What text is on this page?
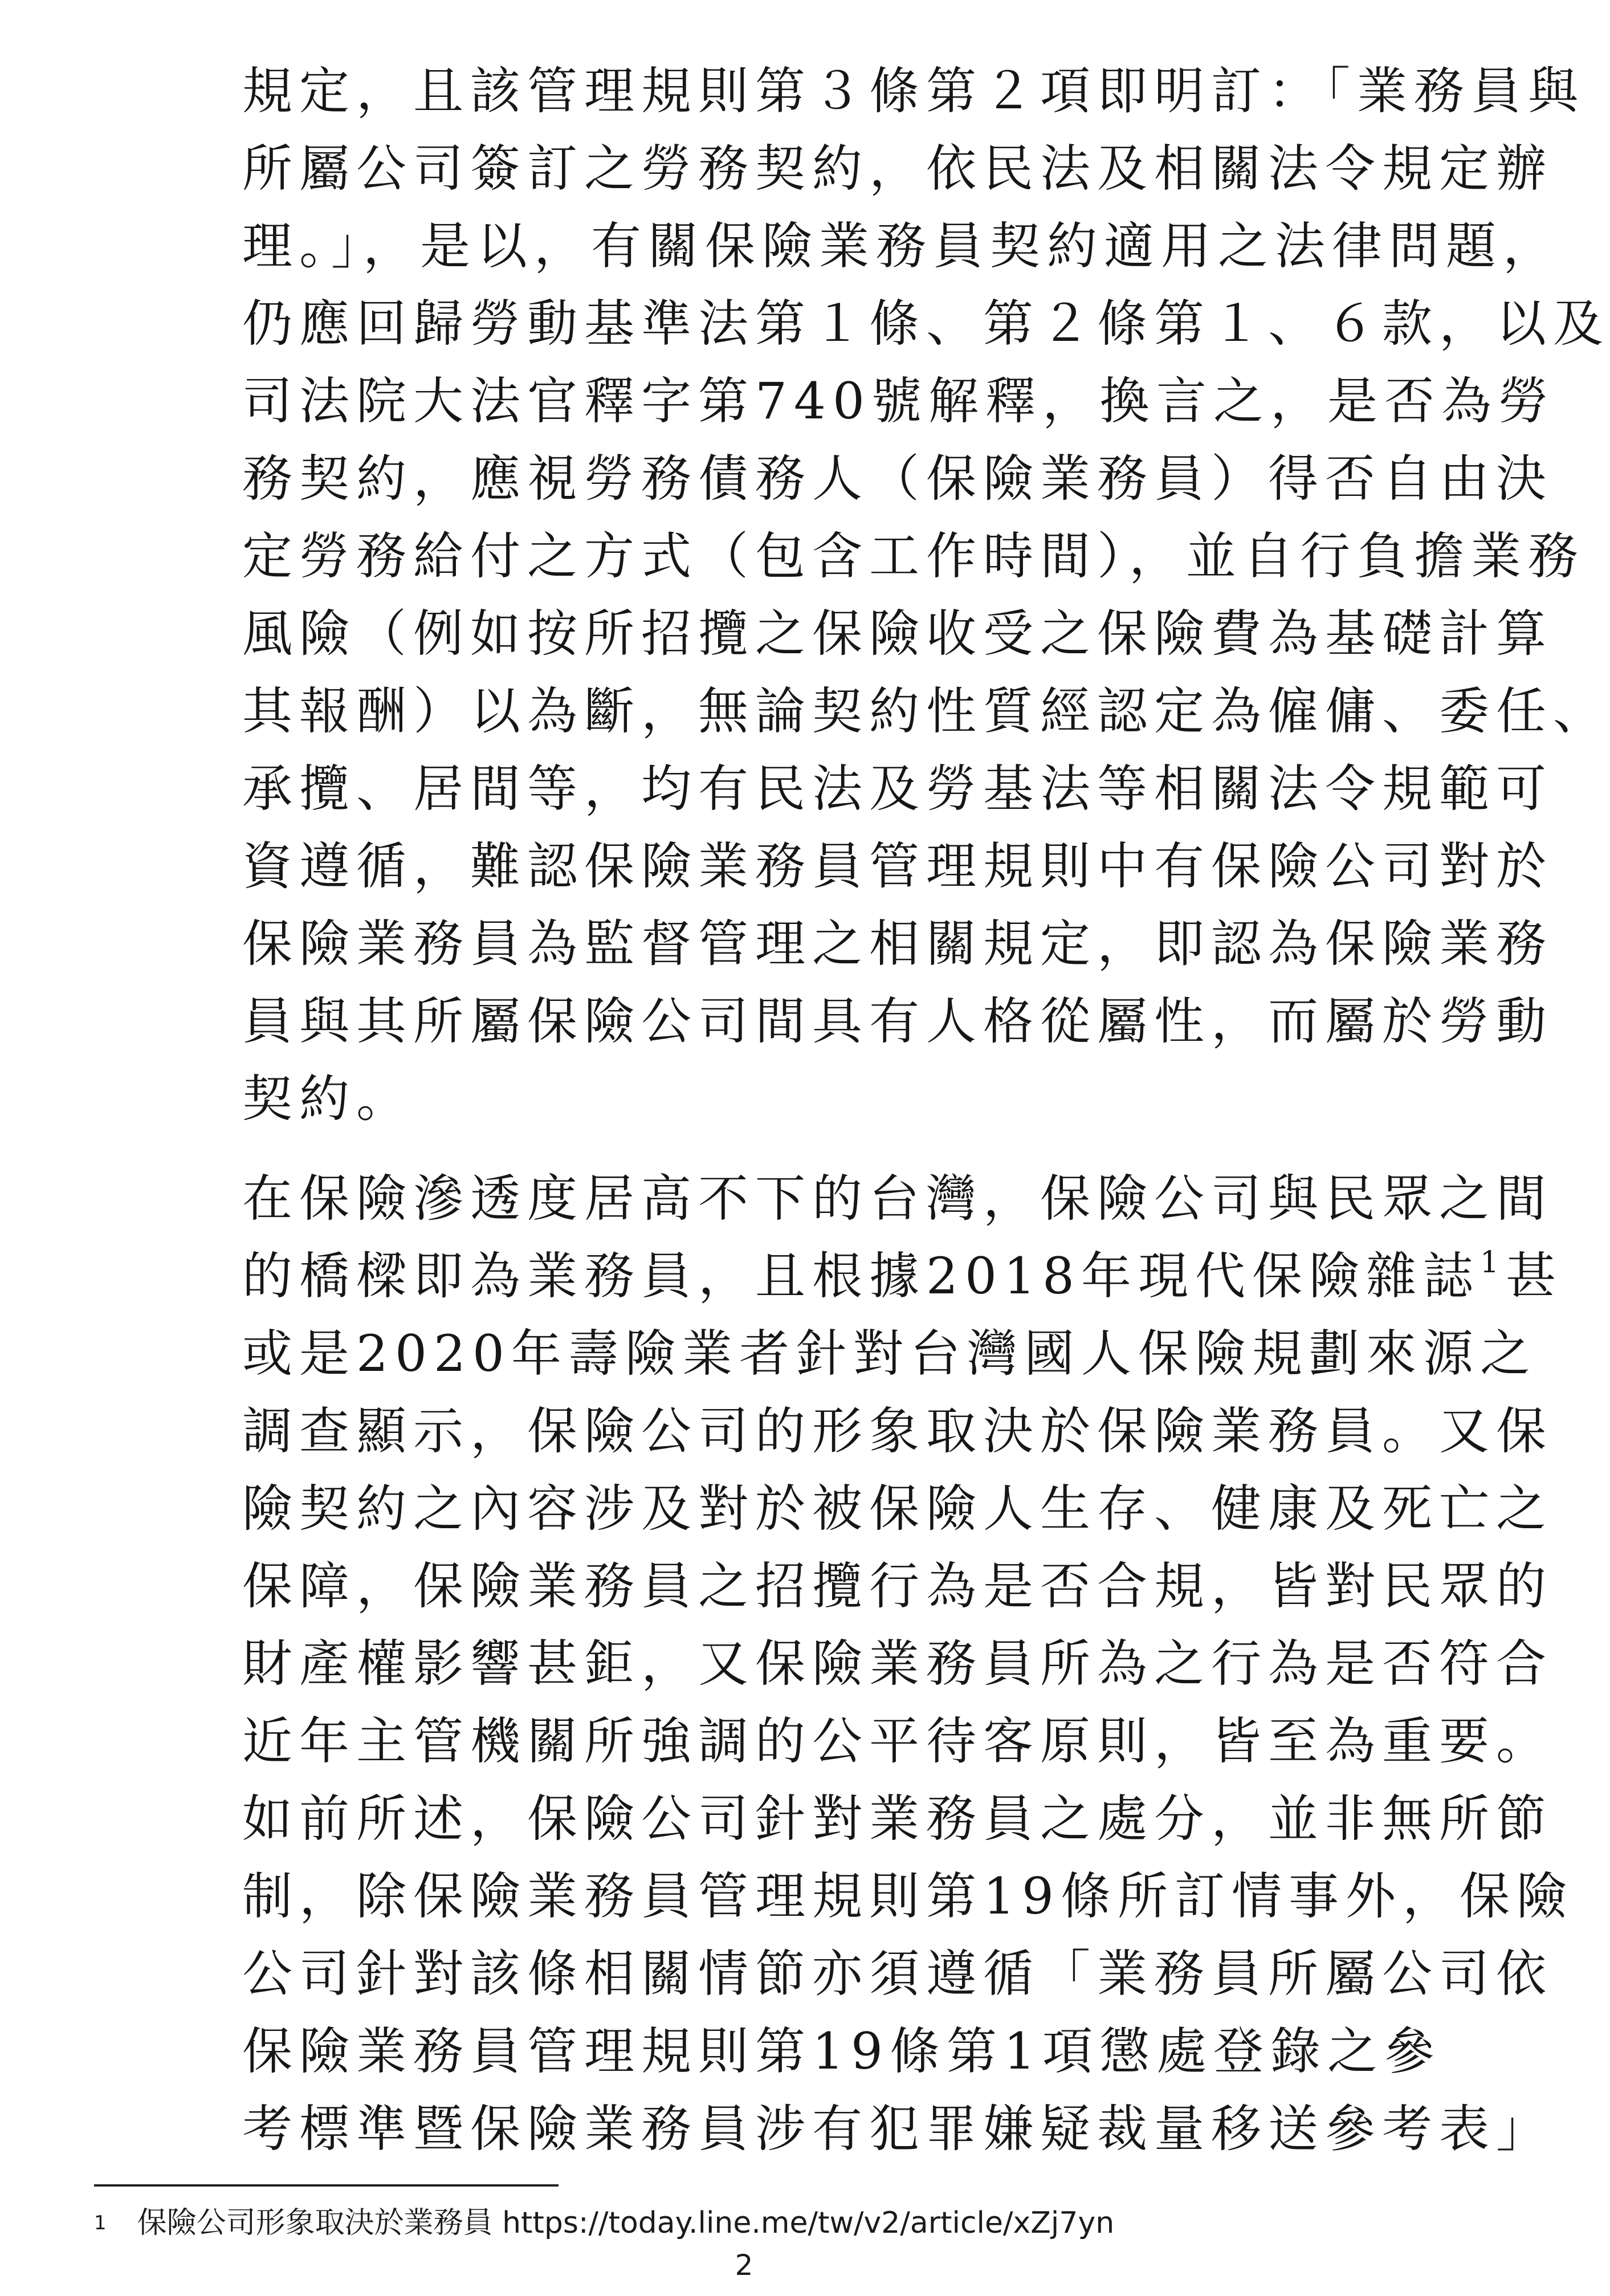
規定，且該管理規則第３條第２項即明訂：「業務員與
所屬公司簽訂之勞務契約，依民法及相關法令規定辦
理。」，是以，有關保險業務員契約適用之法律問題，
仍應回歸勞動基準法第１條、第２條第１、６款，以及
司法院大法官釋字第740號解釋，換言之，是否為勞
務契約，應視勞務債務人（保險業務員）得否自由決
定勞務給付之方式（包含工作時間），並自行負擔業務
風險（例如按所招攬之保險收受之保險費為基礎計算
其報酬）以為斷，無論契約性質經認定為僱傭、委任、
承攬、居間等，均有民法及勞基法等相關法令規範可
資遵循，難認保險業務員管理規則中有保險公司對於
保險業務員為監督管理之相關規定，即認為保險業務
員與其所屬保險公司間具有人格從屬性，而屬於勞動
契約。
在保險滲透度居高不下的台灣，保險公司與民眾之間
的橋樑即為業務員，且根據2018年現代保險雜誌$^1$甚
或是2020年壽險業者針對台灣國人保險規劃來源之
調查顯示，保險公司的形象取決於保險業務員。又保
險契約之內容涉及對於被保險人生存、健康及死亡之
保障，保險業務員之招攬行為是否合規，皆對民眾的
財產權影響甚鉅，又保險業務員所為之行為是否符合
近年主管機關所強調的公平待客原則，皆至為重要。
如前所述，保險公司針對業務員之處分，並非無所節
制，除保險業務員管理規則第19條所訂情事外，保險
公司針對該條相關情節亦須遵循「業務員所屬公司依
保險業務員管理規則第19條第1項懲處登錄之參
考標準暨保險業務員涉有犯罪嫌疑裁量移送參考表」
$^1$ 保險公司形象取決於業務員 https://today.line.me/tw/v2/article/xZj7yn
2
